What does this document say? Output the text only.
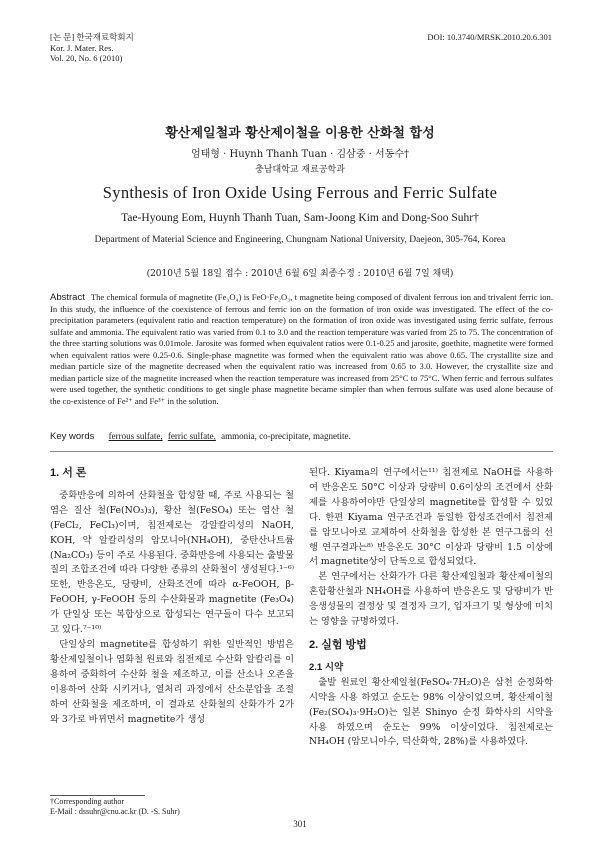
[논 문] 한국재료학회지
Kor. J. Mater. Res.
Vol. 20, No. 6 (2010)
DOI: 10.3740/MRSK.2010.20.6.301
황산제일철과 황산제이철을 이용한 산화철 합성
엄태형 · Huynh Thanh Tuan · 김삼중 · 서동수†
충남대학교 재료공학과
Synthesis of Iron Oxide Using Ferrous and Ferric Sulfate
Tae-Hyoung Eom, Huynh Thanh Tuan, Sam-Joong Kim and Dong-Soo Suhr†
Department of Material Science and Engineering, Chungnam National University, Daejeon, 305-764, Korea
(2010년 5월 18일 접수 : 2010년 6월 6일 최종수정 : 2010년 6월 7일 채택)
Abstract The chemical formula of magnetite (Fe₃O₄) is FeO·Fe₂O₃, t magnetite being composed of divalent ferrous ion and trivalent ferric ion. In this study, the influence of the coexistence of ferrous and ferric ion on the formation of iron oxide was investigated. The effect of the co-precipitation parameters (equivalent ratio and reaction temperature) on the formation of iron oxide was investigated using ferric sulfate, ferrous sulfate and ammonia. The equivalent ratio was varied from 0.1 to 3.0 and the reaction temperature was varied from 25 to 75. The concentration of the three starting solutions was 0.01mole. Jarosite was formed when equivalent ratios were 0.1-0.25 and jarosite, goethite, magnetite were formed when equivalent ratios were 0.25-0.6. Single-phase magnetite was formed when the equivalent ratio was above 0.65. The crystallite size and median particle size of the magnetite decreased when the equivalent ratio was increased from 0.65 to 3.0. However, the crystallite size and median particle size of the magnetite increased when the reaction temperature was increased from 25°C to 75°C. When ferric and ferrous sulfates were used together, the synthetic conditions to get single phase magnetite became simpler than when ferrous sulfate was used alone because of the co-existence of Fe²⁺ and Fe³⁺ in the solution.
Key words ferrous sulfate, ferric sulfate, ammonia, co-precipitate, magnetite.
1. 서 론

중화반응에 의하여 산화철을 합성할 때, 주로 사용되는 철 염은 질산 철(Fe(NO₃)₃), 황산 철(FeSO₄) 또는 염산 철(FeCl₂, FeCl₃)이며, 침전제로는 강알칼리성의 NaOH, KOH, 약 알칼리성의 암모니아(NH₄OH), 중탄산나트륨 (Na₂CO₃) 등이 주로 사용된다. 중화반응에 사용되는 출발물질의 조합조건에 따라 다양한 종류의 산화철이 생성된다.¹⁻⁶⁾ 또한, 반응온도, 당량비, 산화조건에 따라 α-FeOOH, β-FeOOH, γ-FeOOH 등의 수산화물과 magnetite (Fe₃O₄)가 단일상 또는 복합상으로 합성되는 연구들이 다수 보고되고 있다.⁷⁻¹⁰⁾

단일상의 magnetite를 합성하기 위한 일반적인 방법은 황산제일철이나 염화철 원료와 침전제로 수산화 알칼리를 이용하여 중화하여 수산화 철을 제조하고, 이를 산소나 오존을 이용하여 산화 시키거나, 열처리 과정에서 산소분압을 조절하여 산화철을 제조하며, 이 결과로 산화철의 산화가가 2가와 3가로 바뀌면서 magnetite가 생성

된다. Kiyama의 연구에서는¹¹⁾ 침전제로 NaOH를 사용하여 반응온도 50°C 이상과 당량비 0.6이상의 조건에서 산화제를 사용하여야만 단일상의 magnetite를 합성할 수 있었다. 한편 Kiyama 연구조건과 동일한 합성조건에서 침전제를 암모니아로 교체하여 산화철을 합성한 본 연구그룹의 선행 연구결과는⁸⁾ 반응온도 30°C 이상과 당량비 1.5 이상에서 magnetite상이 단독으로 합성되었다.

본 연구에서는 산화가가 다른 황산제일철과 황산제이철의 혼합황산철과 NH₄OH를 사용하여 반응온도 및 당량비가 반응생성물의 결정상 및 결정자 크기, 입자크기 및 형상에 미치는 영향을 규명하였다.

2. 실험 방법
2.1 시약

출발 원료인 황산제일철(FeSO₄·7H₂O)은 삼천 순정화학 시약을 사용 하였고 순도는 98% 이상이었으며, 황산제이철(Fe₂(SO₄)₃·9H₂O)는 일본 Shinyo 순정 화학사의 시약을 사용 하였으며 순도는 99% 이상이었다. 침전제로는 NH₄OH (암모니아수, 덕산화학, 28%)를 사용하였다.

†Corresponding author
E-Mail : dssuhr@cnu.ac.kr (D. -S. Suhr)
301
